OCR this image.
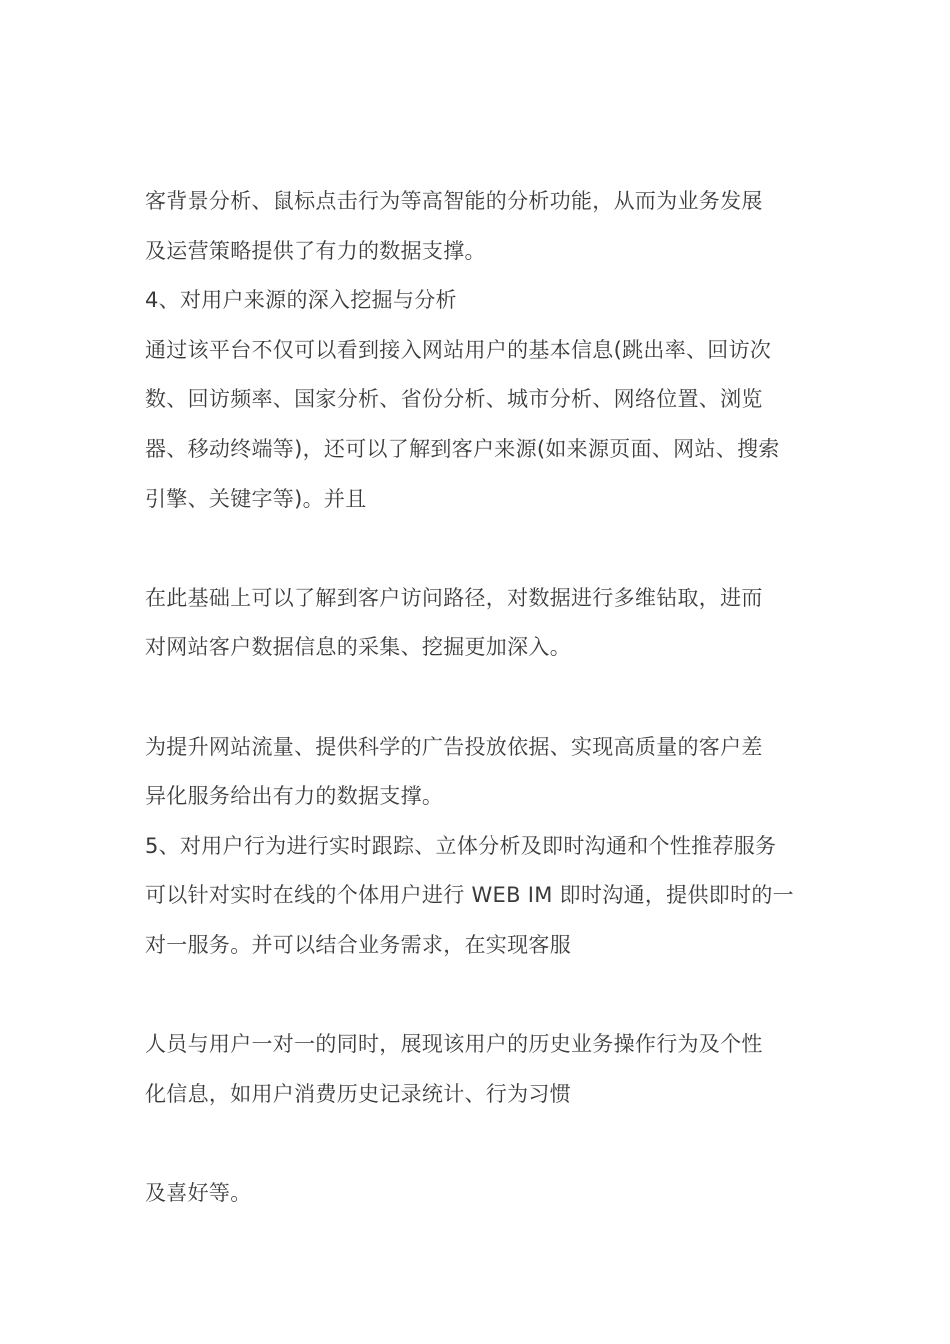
客背景分析、鼠标点击行为等高智能的分析功能，从而为业务发展
及运营策略提供了有力的数据支撑。
4、对用户来源的深入挖掘与分析
通过该平台不仅可以看到接入网站用户的基本信息(跳出率、回访次
数、回访频率、国家分析、省份分析、城市分析、网络位置、浏览
器、移动终端等)，还可以了解到客户来源(如来源页面、网站、搜索
引擎、关键字等)。并且
在此基础上可以了解到客户访问路径，对数据进行多维钻取，进而
对网站客户数据信息的采集、挖掘更加深入。
为提升网站流量、提供科学的广告投放依据、实现高质量的客户差
异化服务给出有力的数据支撑。
5、对用户行为进行实时跟踪、立体分析及即时沟通和个性推荐服务
可以针对实时在线的个体用户进行 WEB IM 即时沟通，提供即时的一
对一服务。并可以结合业务需求，在实现客服
人员与用户一对一的同时，展现该用户的历史业务操作行为及个性
化信息，如用户消费历史记录统计、行为习惯
及喜好等。
